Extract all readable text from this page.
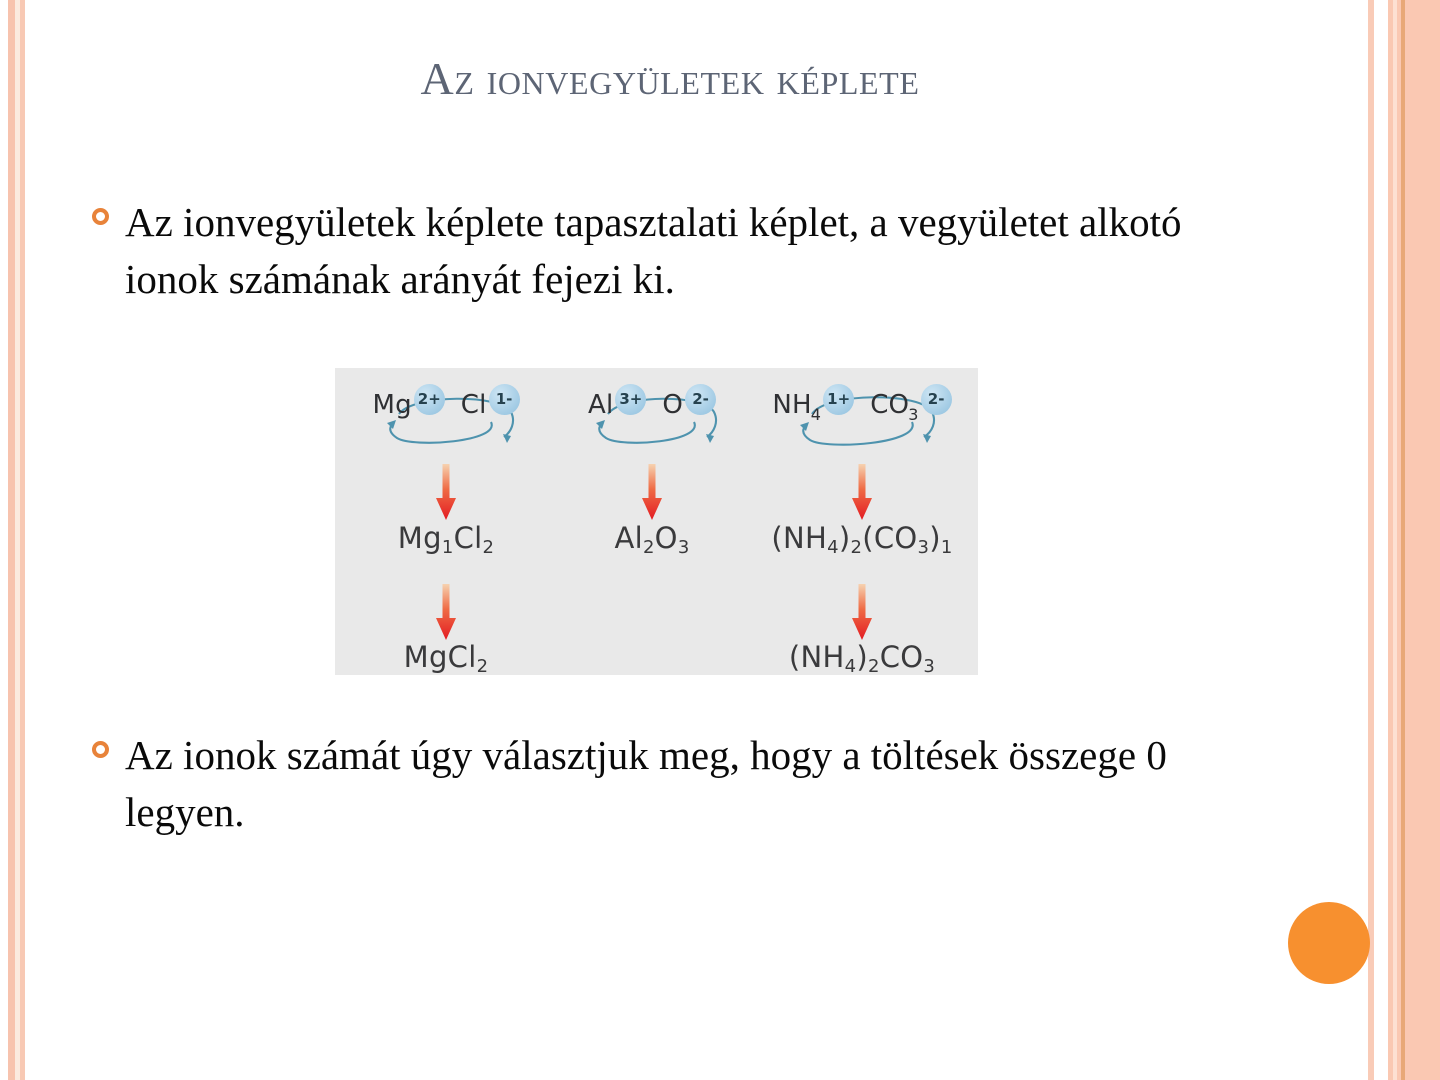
Az ionvegyületek képlete
Az ionvegyületek képlete tapasztalati képlet, a vegyületet alkotó ionok számának arányát fejezi ki.
Mg 2+ Cl 1-
$Mg_1Cl_2$
MgCl$_2$
Al 3+ O 2-
$Al_2O_3$
NH 4
1+ CO 3
2-
$(NH_4)_2(CO_3)_1$
$(NH_4)_2CO_3$
Az ionok számát úgy választjuk meg, hogy a töltések összege 0 legyen.
